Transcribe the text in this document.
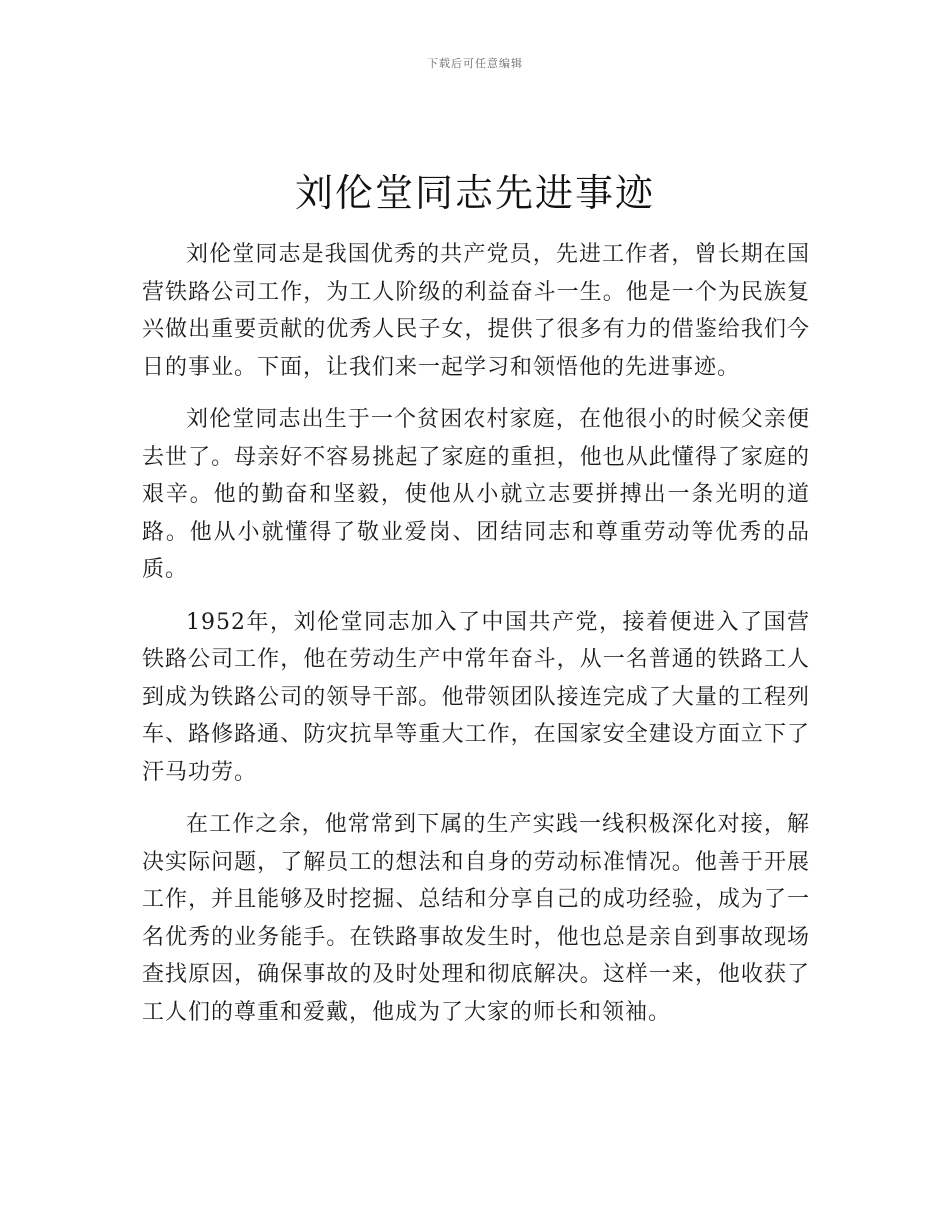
下载后可任意编辑
刘伦堂同志先进事迹

刘伦堂同志是我国优秀的共产党员，先进工作者，曾长期在国营铁路公司工作，为工人阶级的利益奋斗一生。他是一个为民族复兴做出重要贡献的优秀人民子女，提供了很多有力的借鉴给我们今日的事业。下面，让我们来一起学习和领悟他的先进事迹。

刘伦堂同志出生于一个贫困农村家庭，在他很小的时候父亲便去世了。母亲好不容易挑起了家庭的重担，他也从此懂得了家庭的艰辛。他的勤奋和坚毅，使他从小就立志要拼搏出一条光明的道路。他从小就懂得了敬业爱岗、团结同志和尊重劳动等优秀的品质。

1952年，刘伦堂同志加入了中国共产党，接着便进入了国营铁路公司工作，他在劳动生产中常年奋斗，从一名普通的铁路工人到成为铁路公司的领导干部。他带领团队接连完成了大量的工程列车、路修路通、防灾抗旱等重大工作，在国家安全建设方面立下了汗马功劳。

在工作之余，他常常到下属的生产实践一线积极深化对接，解决实际问题，了解员工的想法和自身的劳动标准情况。他善于开展工作，并且能够及时挖掘、总结和分享自己的成功经验，成为了一名优秀的业务能手。在铁路事故发生时，他也总是亲自到事故现场查找原因，确保事故的及时处理和彻底解决。这样一来，他收获了工人们的尊重和爱戴，他成为了大家的师长和领袖。
